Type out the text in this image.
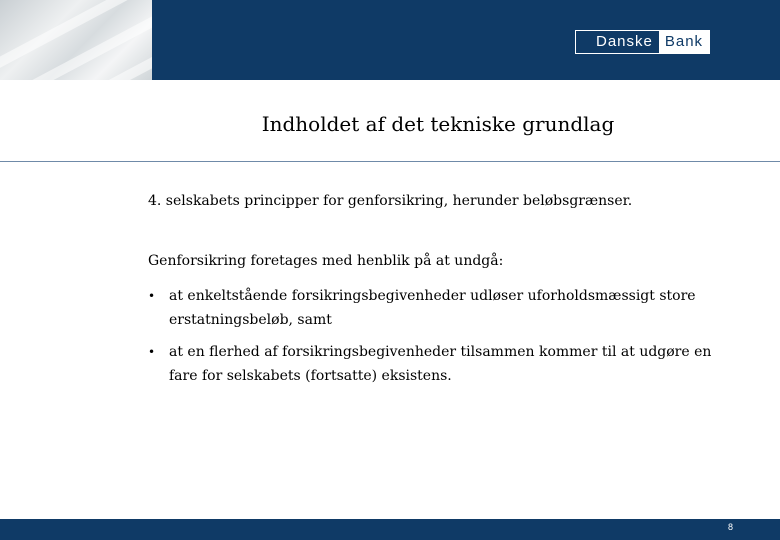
Danske Bank
Indholdet af det tekniske grundlag

4. selskabets principper for genforsikring, herunder beløbsgrænser.

Genforsikring foretages med henblik på at undgå:

• at enkeltstående forsikringsbegivenheder udløser uforholdsmæssigt store erstatningsbeløb, samt
• at en flerhed af forsikringsbegivenheder tilsammen kommer til at udgøre en fare for selskabets (fortsatte) eksistens.
8
